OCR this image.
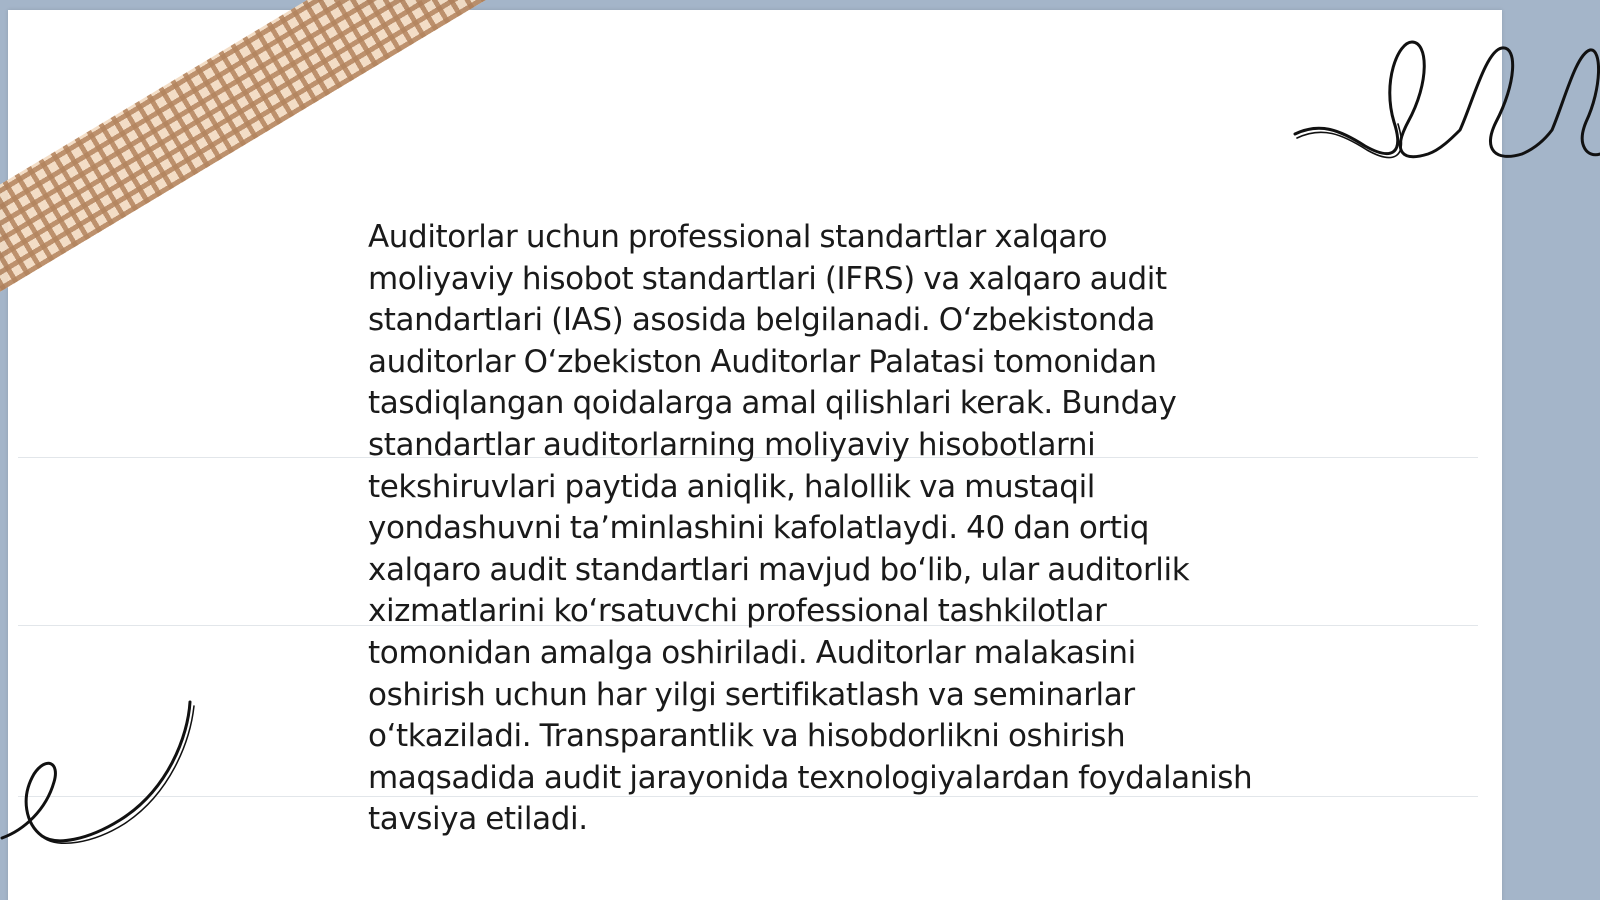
Auditorlar uchun professional standartlar xalqaro moliyaviy hisobot standartlari (IFRS) va xalqaro audit standartlari (IAS) asosida belgilanadi. O‘zbekistonda auditorlar O‘zbekiston Auditorlar Palatasi tomonidan tasdiqlangan qoidalarga amal qilishlari kerak. Bunday standartlar auditorlarning moliyaviy hisobotlarni tekshiruvlari paytida aniqlik, halollik va mustaqil yondashuvni ta’minlashini kafolatlaydi. 40 dan ortiq xalqaro audit standartlari mavjud bo‘lib, ular auditorlik xizmatlarini ko‘rsatuvchi professional tashkilotlar tomonidan amalga oshiriladi. Auditorlar malakasini oshirish uchun har yilgi sertifikatlash va seminarlar o‘tkaziladi. Transparantlik va hisobdorlikni oshirish maqsadida audit jarayonida texnologiyalardan foydalanish tavsiya etiladi.
